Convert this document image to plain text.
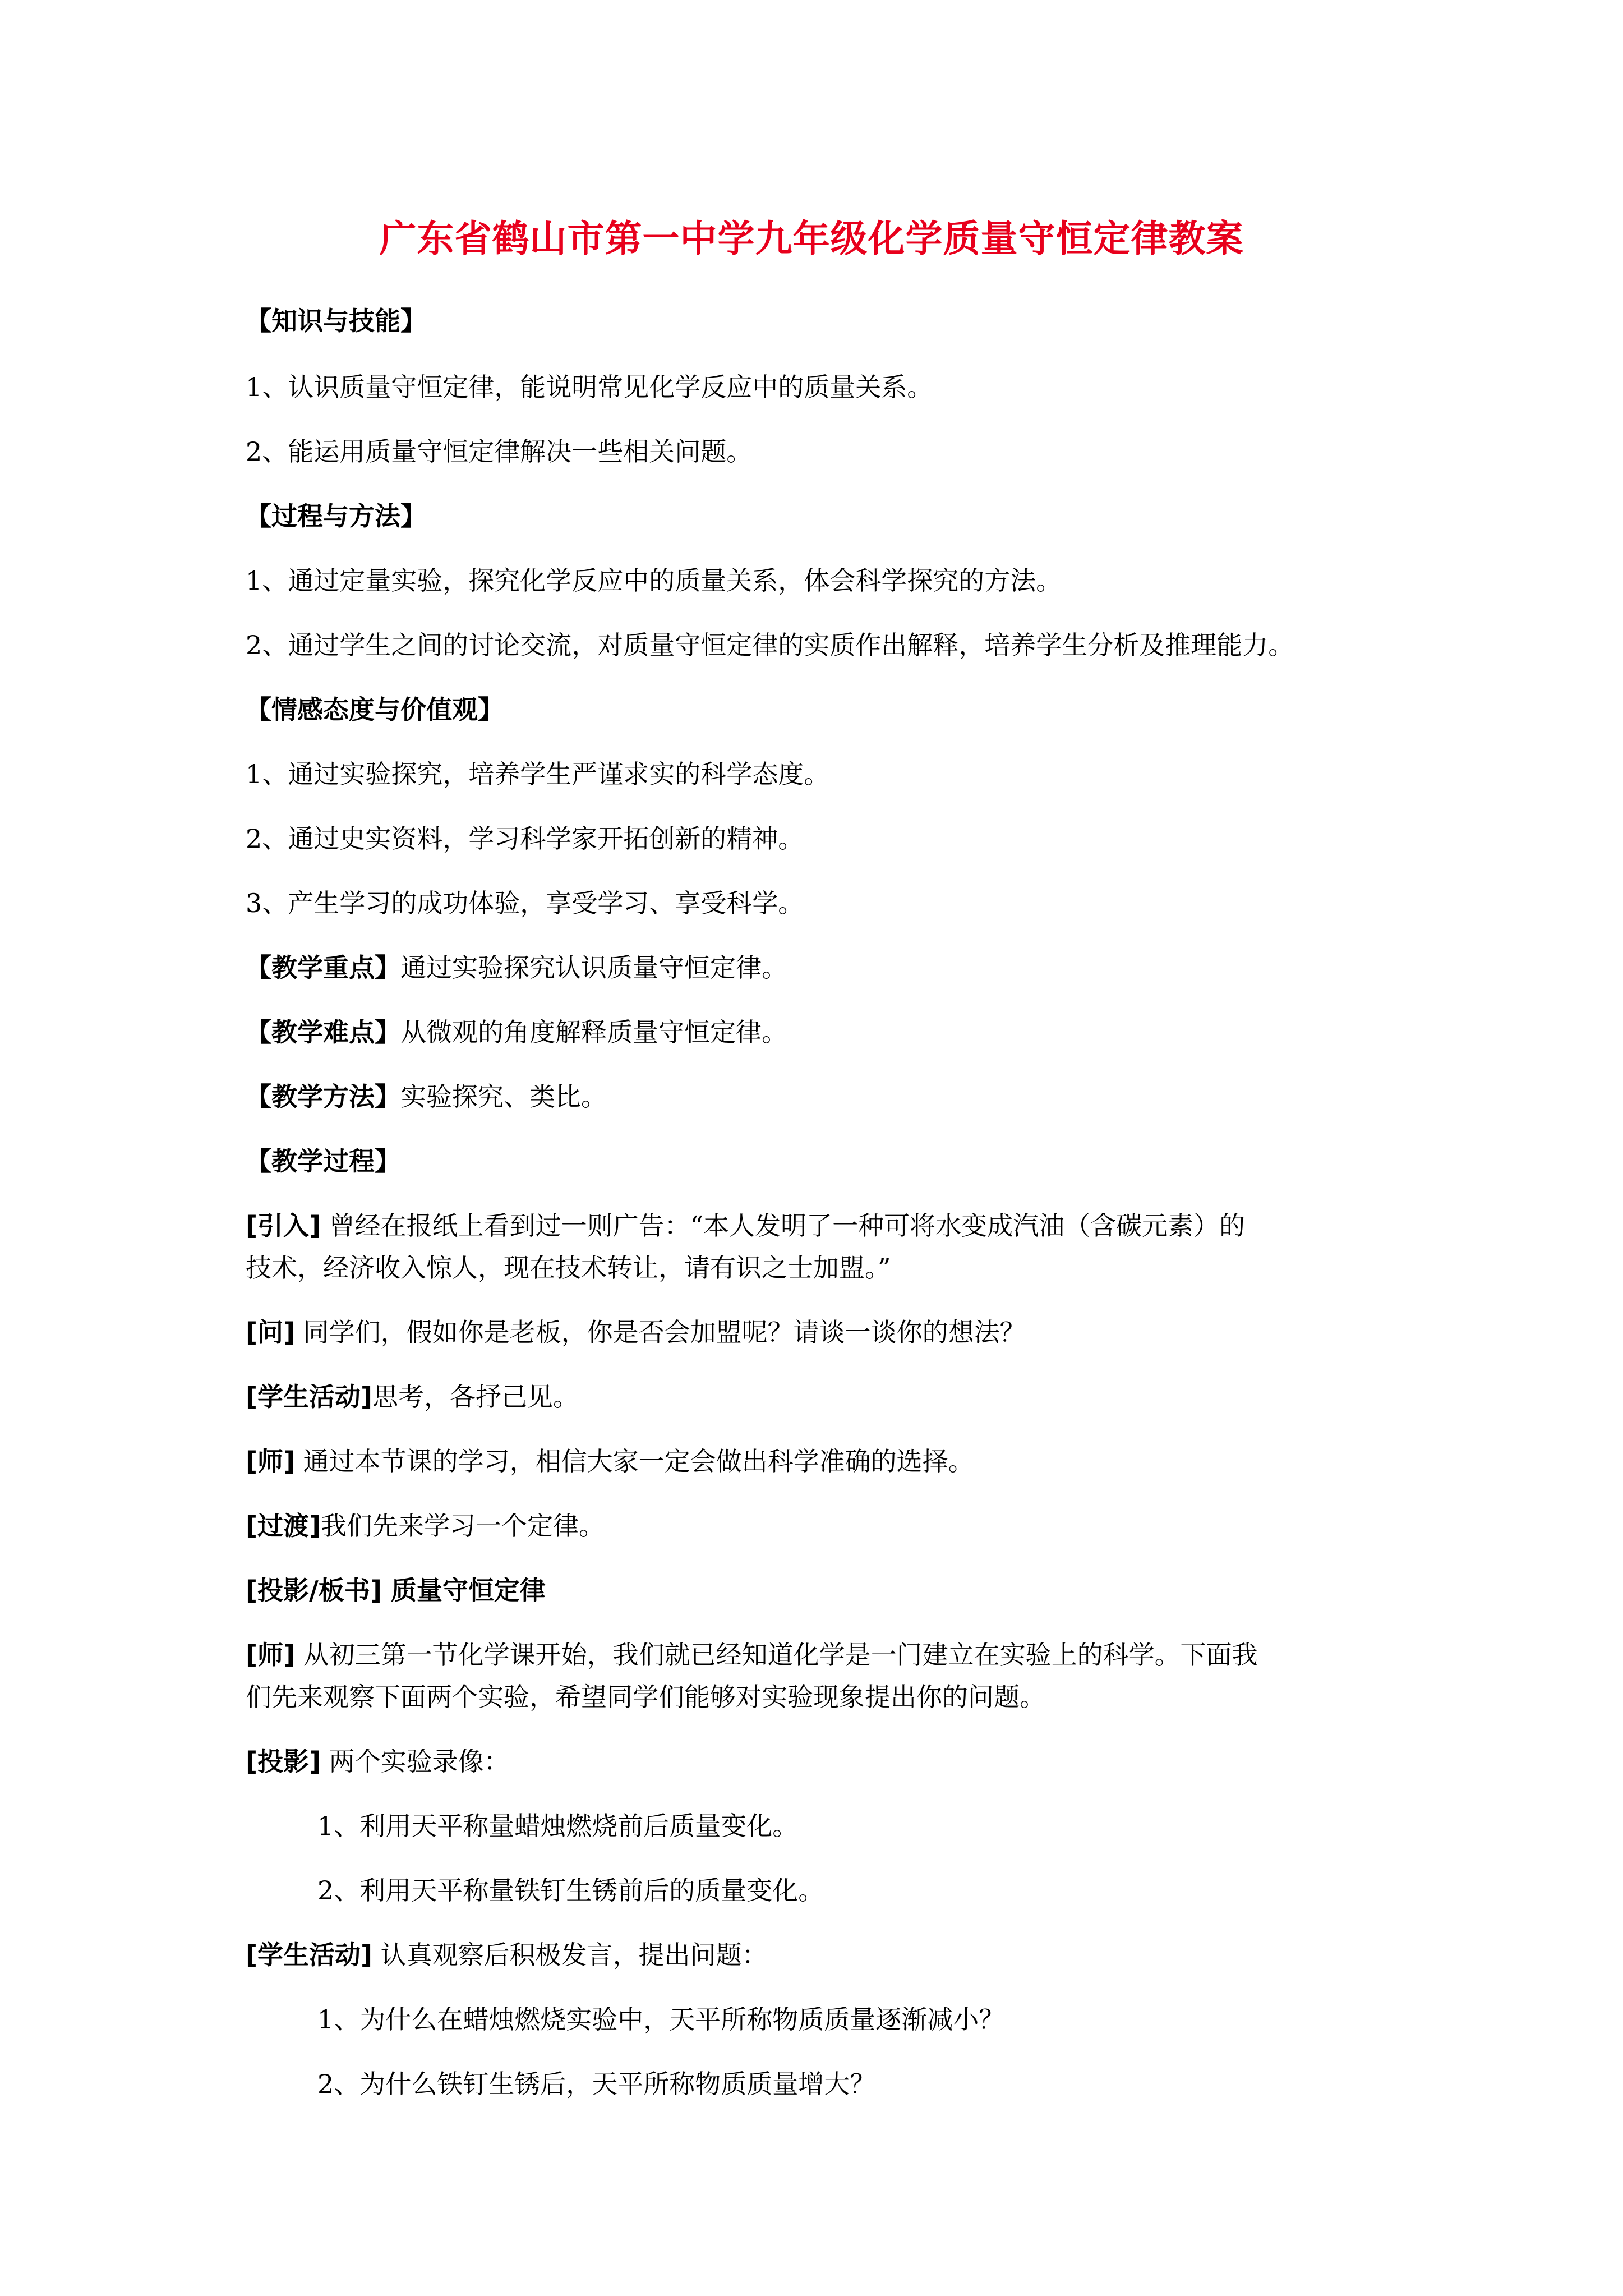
广东省鹤山市第一中学九年级化学质量守恒定律教案
【知识与技能】
1、认识质量守恒定律，能说明常见化学反应中的质量关系。
2、能运用质量守恒定律解决一些相关问题。
【过程与方法】
1、通过定量实验，探究化学反应中的质量关系，体会科学探究的方法。
2、通过学生之间的讨论交流，对质量守恒定律的实质作出解释，培养学生分析及推理能力。
【情感态度与价值观】
1、通过实验探究，培养学生严谨求实的科学态度。
2、通过史实资料，学习科学家开拓创新的精神。
3、产生学习的成功体验，享受学习、享受科学。
【教学重点】通过实验探究认识质量守恒定律。
【教学难点】从微观的角度解释质量守恒定律。
【教学方法】实验探究、类比。
【教学过程】
[引入] 曾经在报纸上看到过一则广告：“本人发明了一种可将水变成汽油（含碳元素）的
技术，经济收入惊人，现在技术转让，请有识之士加盟。”
[问] 同学们，假如你是老板，你是否会加盟呢？请谈一谈你的想法？
[学生活动]思考，各抒己见。
[师] 通过本节课的学习，相信大家一定会做出科学准确的选择。
[过渡]我们先来学习一个定律。
[投影/板书] 质量守恒定律
[师] 从初三第一节化学课开始，我们就已经知道化学是一门建立在实验上的科学。下面我
们先来观察下面两个实验，希望同学们能够对实验现象提出你的问题。
[投影] 两个实验录像：
1、利用天平称量蜡烛燃烧前后质量变化。
2、利用天平称量铁钉生锈前后的质量变化。
[学生活动] 认真观察后积极发言，提出问题：
1、为什么在蜡烛燃烧实验中，天平所称物质质量逐渐减小？
2、为什么铁钉生锈后，天平所称物质质量增大？
